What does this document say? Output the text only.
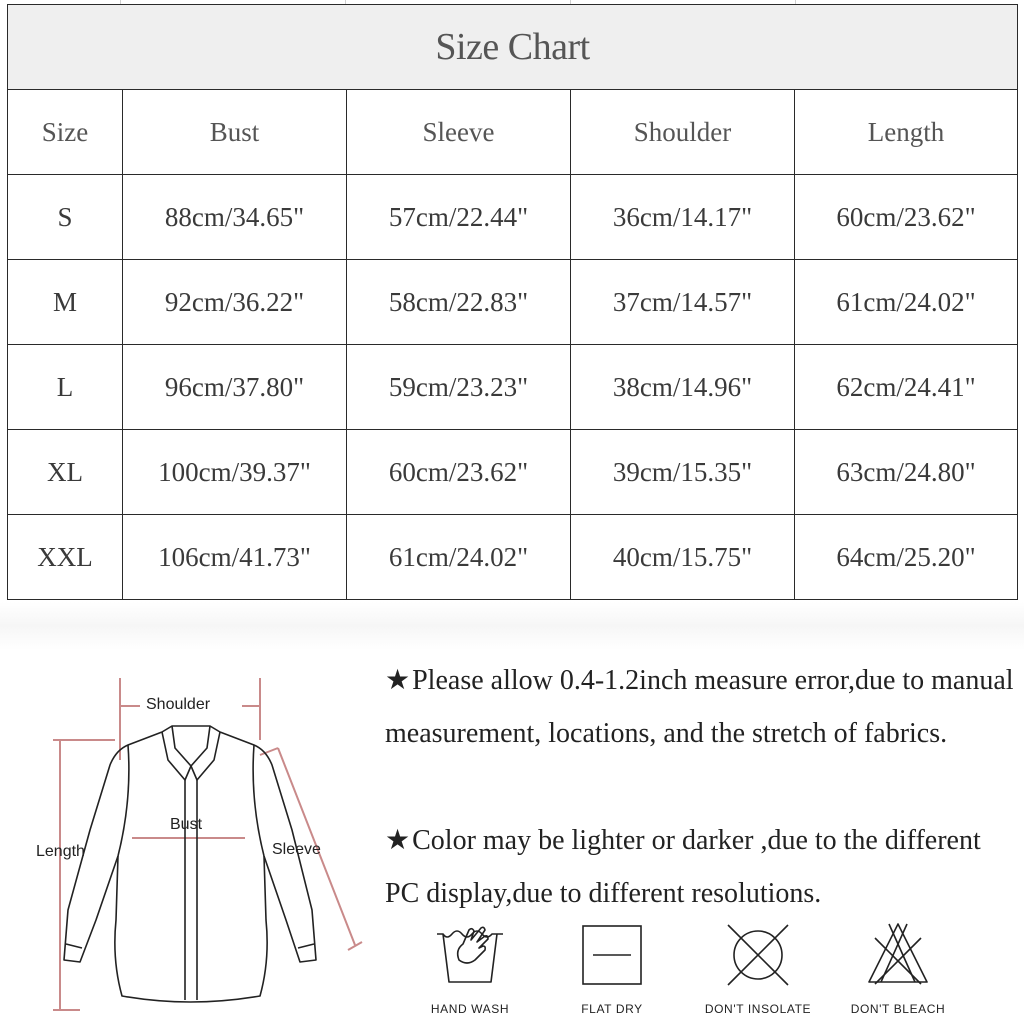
Size Chart				
Size	Bust	Sleeve	Shoulder	Length
S	88cm/34.65"	57cm/22.44"	36cm/14.17"	60cm/23.62"
M	92cm/36.22"	58cm/22.83"	37cm/14.57"	61cm/24.02"
L	96cm/37.80"	59cm/23.23"	38cm/14.96"	62cm/24.41"
XL	100cm/39.37"	60cm/23.62"	39cm/15.35"	63cm/24.80"
XXL	106cm/41.73"	61cm/24.02"	40cm/15.75"	64cm/25.20"
Shoulder
Bust
Length	Sleeve
★Please allow 0.4-1.2inch measure error,due to manual measurement, locations, and the stretch of fabrics.
★Color may be lighter or darker ,due to the different PC display,due to different resolutions.
HAND WASH	FLAT DRY	DON'T INSOLATE	DON'T BLEACH
